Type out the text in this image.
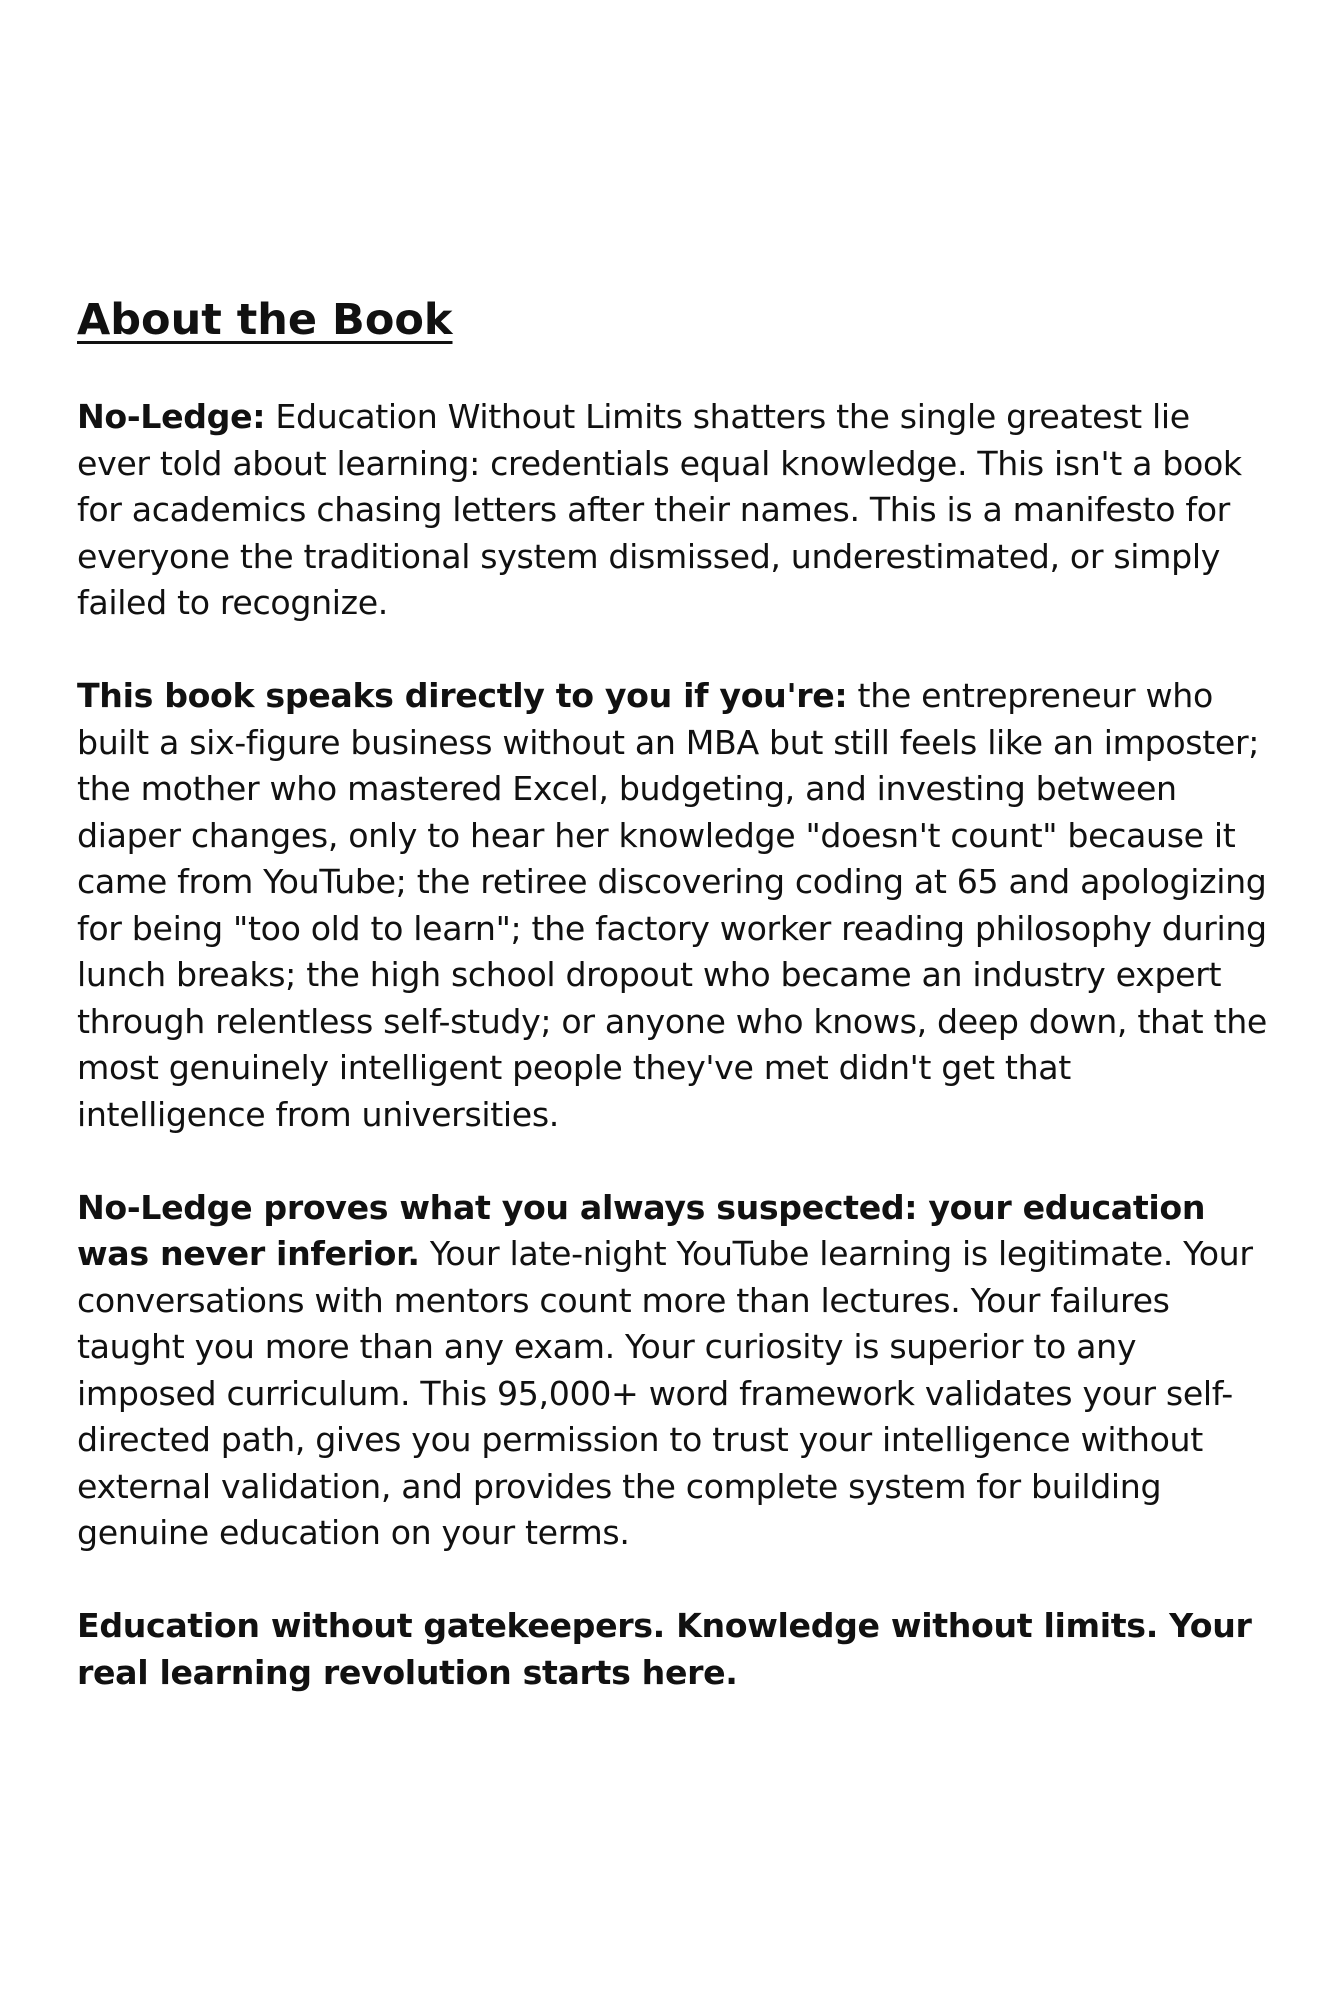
About the Book

No-Ledge: Education Without Limits shatters the single greatest lie ever told about learning: credentials equal knowledge. This isn't a book for academics chasing letters after their names. This is a manifesto for everyone the traditional system dismissed, underestimated, or simply failed to recognize.

This book speaks directly to you if you're: the entrepreneur who built a six-figure business without an MBA but still feels like an imposter; the mother who mastered Excel, budgeting, and investing between diaper changes, only to hear her knowledge "doesn't count" because it came from YouTube; the retiree discovering coding at 65 and apologizing for being "too old to learn"; the factory worker reading philosophy during lunch breaks; the high school dropout who became an industry expert through relentless self-study; or anyone who knows, deep down, that the most genuinely intelligent people they've met didn't get that intelligence from universities.

No-Ledge proves what you always suspected: your education was never inferior. Your late-night YouTube learning is legitimate. Your conversations with mentors count more than lectures. Your failures taught you more than any exam. Your curiosity is superior to any imposed curriculum. This 95,000+ word framework validates your self-directed path, gives you permission to trust your intelligence without external validation, and provides the complete system for building genuine education on your terms.

Education without gatekeepers. Knowledge without limits. Your real learning revolution starts here.
